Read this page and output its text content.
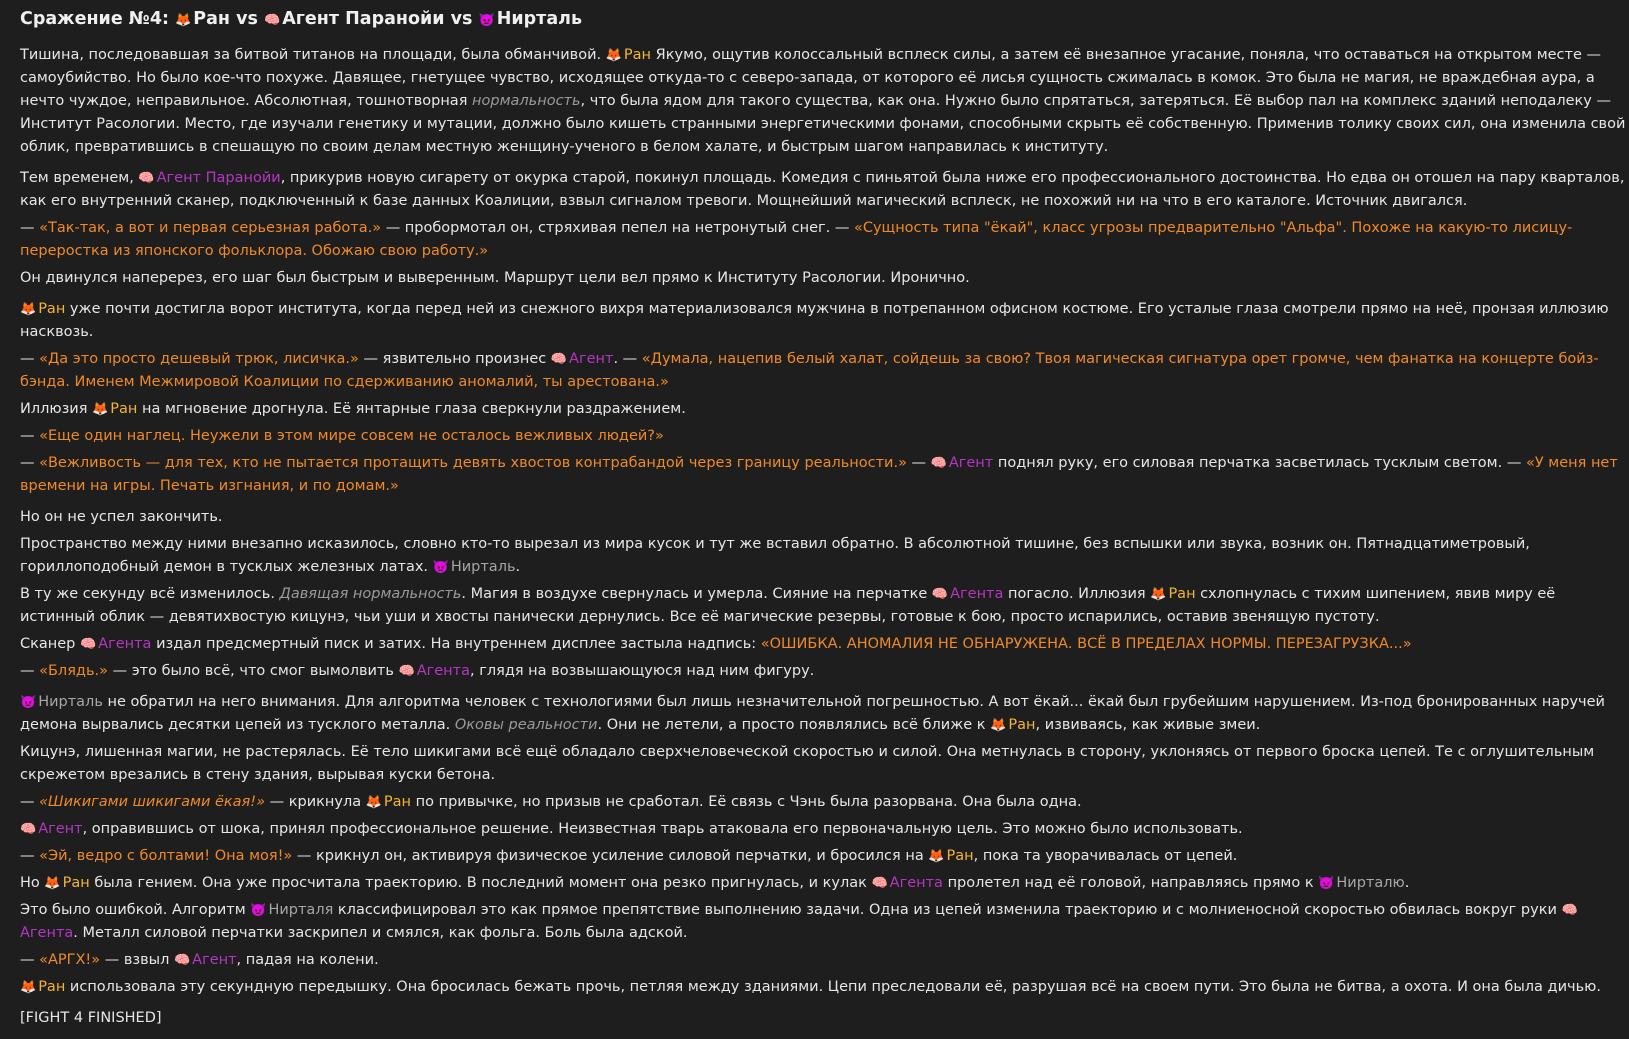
Сражение №4: 🦊 Ран vs 🧠 Агент Паранойи vs 👿 Нирталь

Тишина, последовавшая за битвой титанов на площади, была обманчивой. 🦊 Ран Якумо, ощутив колоссальный всплеск силы, а затем её внезапное угасание, поняла, что оставаться на открытом месте — самоубийство. Но было кое-что похуже. Давящее, гнетущее чувство, исходящее откуда-то с северо-запада, от которого её лисья сущность сжималась в комок. Это была не магия, не враждебная аура, а нечто чуждое, неправильное. Абсолютная, тошнотворная нормальность, что была ядом для такого существа, как она. Нужно было спрятаться, затеряться. Её выбор пал на комплекс зданий неподалеку — Институт Расологии. Место, где изучали генетику и мутации, должно было кишеть странными энергетическими фонами, способными скрыть её собственную. Применив толику своих сил, она изменила свой облик, превратившись в спешащую по своим делам местную женщину-ученого в белом халате, и быстрым шагом направилась к институту.

Тем временем, 🧠 Агент Паранойи, прикурив новую сигарету от окурка старой, покинул площадь. Комедия с пиньятой была ниже его профессионального достоинства. Но едва он отошел на пару кварталов, как его внутренний сканер, подключенный к базе данных Коалиции, взвыл сигналом тревоги. Мощнейший магический всплеск, не похожий ни на что в его каталоге. Источник двигался.

— «Так-так, а вот и первая серьезная работа.» — пробормотал он, стряхивая пепел на нетронутый снег. — «Сущность типа "ёкай", класс угрозы предварительно "Альфа". Похоже на какую-то лисицу-переростка из японского фольклора. Обожаю свою работу.»

Он двинулся наперерез, его шаг был быстрым и выверенным. Маршрут цели вел прямо к Институту Расологии. Иронично.

🦊 Ран уже почти достигла ворот института, когда перед ней из снежного вихря материализовался мужчина в потрепанном офисном костюме. Его усталые глаза смотрели прямо на неё, пронзая иллюзию насквозь.

— «Да это просто дешевый трюк, лисичка.» — язвительно произнес 🧠 Агент. — «Думала, нацепив белый халат, сойдешь за свою? Твоя магическая сигнатура орет громче, чем фанатка на концерте бойз-бэнда. Именем Межмировой Коалиции по сдерживанию аномалий, ты арестована.»

Иллюзия 🦊 Ран на мгновение дрогнула. Её янтарные глаза сверкнули раздражением.

— «Еще один наглец. Неужели в этом мире совсем не осталось вежливых людей?»

— «Вежливость — для тех, кто не пытается протащить девять хвостов контрабандой через границу реальности.» — 🧠 Агент поднял руку, его силовая перчатка засветилась тусклым светом. — «У меня нет времени на игры. Печать изгнания, и по домам.»

Но он не успел закончить.

Пространство между ними внезапно исказилось, словно кто-то вырезал из мира кусок и тут же вставил обратно. В абсолютной тишине, без вспышки или звука, возник он. Пятнадцатиметровый, гориллоподобный демон в тусклых железных латах. 👿 Нирталь.

В ту же секунду всё изменилось. Давящая нормальность. Магия в воздухе свернулась и умерла. Сияние на перчатке 🧠 Агента погасло. Иллюзия 🦊 Ран схлопнулась с тихим шипением, явив миру её истинный облик — девятихвостую кицунэ, чьи уши и хвосты панически дернулись. Все её магические резервы, готовые к бою, просто испарились, оставив звенящую пустоту.

Сканер 🧠 Агента издал предсмертный писк и затих. На внутреннем дисплее застыла надпись: «ОШИБКА. АНОМАЛИЯ НЕ ОБНАРУЖЕНА. ВСЁ В ПРЕДЕЛАХ НОРМЫ. ПЕРЕЗАГРУЗКА...»

— «Блядь.» — это было всё, что смог вымолвить 🧠 Агента, глядя на возвышающуюся над ним фигуру.

👿 Нирталь не обратил на него внимания. Для алгоритма человек с технологиями был лишь незначительной погрешностью. А вот ёкай... ёкай был грубейшим нарушением. Из-под бронированных наручей демона вырвались десятки цепей из тусклого металла. Оковы реальности. Они не летели, а просто появлялись всё ближе к 🦊 Ран, извиваясь, как живые змеи.

Кицунэ, лишенная магии, не растерялась. Её тело шикигами всё ещё обладало сверхчеловеческой скоростью и силой. Она метнулась в сторону, уклоняясь от первого броска цепей. Те с оглушительным скрежетом врезались в стену здания, вырывая куски бетона.

— «Шикигами шикигами ёкая!» — крикнула 🦊 Ран по привычке, но призыв не сработал. Её связь с Чэнь была разорвана. Она была одна.

🧠 Агент, оправившись от шока, принял профессиональное решение. Неизвестная тварь атаковала его первоначальную цель. Это можно было использовать.

— «Эй, ведро с болтами! Она моя!» — крикнул он, активируя физическое усиление силовой перчатки, и бросился на 🦊 Ран, пока та уворачивалась от цепей.

Но 🦊 Ран была гением. Она уже просчитала траекторию. В последний момент она резко пригнулась, и кулак 🧠 Агента пролетел над её головой, направляясь прямо к 👿 Нирталю.

Это было ошибкой. Алгоритм 👿 Нирталя классифицировал это как прямое препятствие выполнению задачи. Одна из цепей изменила траекторию и с молниеносной скоростью обвилась вокруг руки 🧠Агента. Металл силовой перчатки заскрипел и смялся, как фольга. Боль была адской.

— «АРГХ!» — взвыл 🧠 Агент, падая на колени.

🦊 Ран использовала эту секундную передышку. Она бросилась бежать прочь, петляя между зданиями. Цепи преследовали её, разрушая всё на своем пути. Это была не битва, а охота. И она была дичью.

[FIGHT 4 FINISHED]
